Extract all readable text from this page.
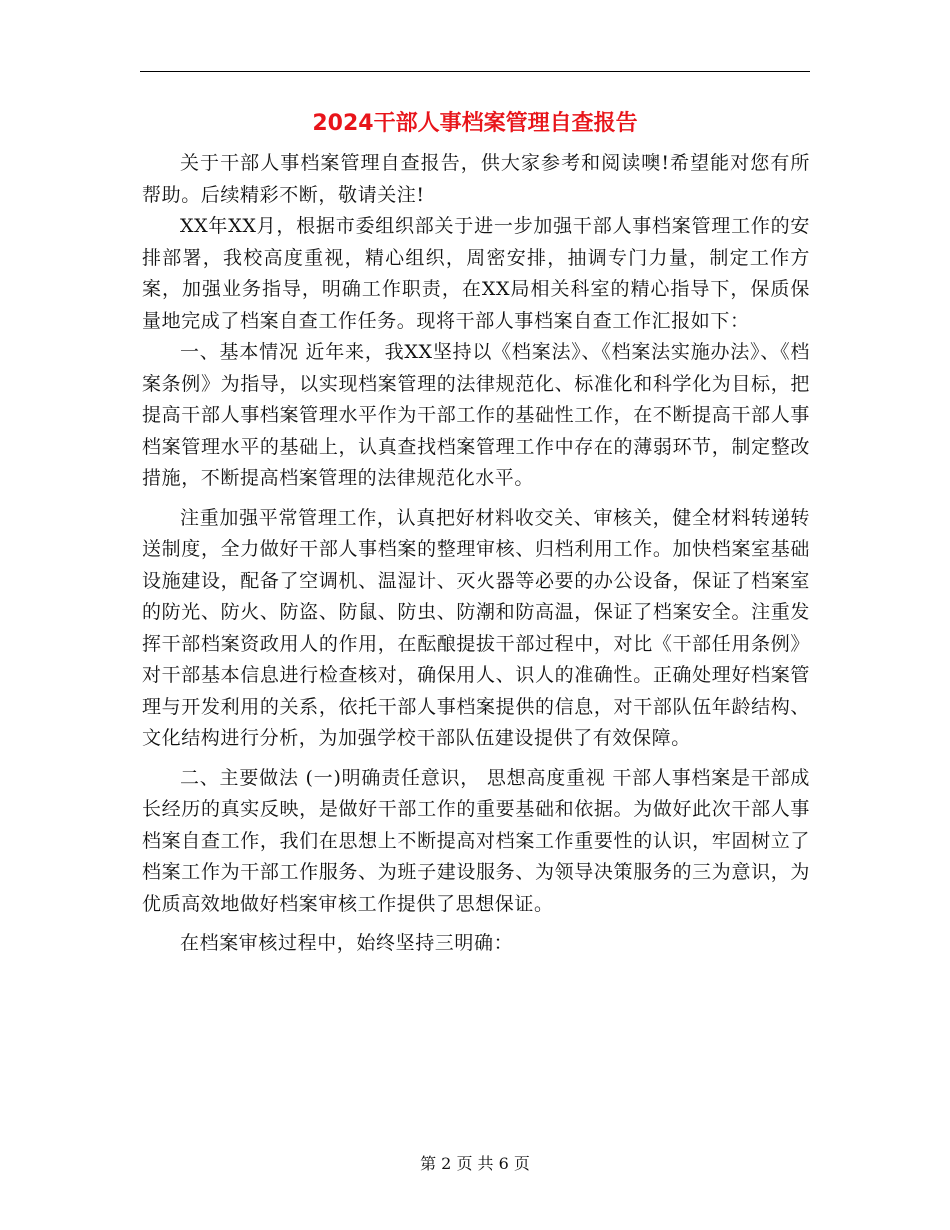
2024干部人事档案管理自查报告

关于干部人事档案管理自查报告，供大家参考和阅读噢!希望能对您有所帮助。后续精彩不断，敬请关注!

XX年XX月，根据市委组织部关于进一步加强干部人事档案管理工作的安排部署，我校高度重视，精心组织，周密安排，抽调专门力量，制定工作方案，加强业务指导，明确工作职责，在XX局相关科室的精心指导下，保质保量地完成了档案自查工作任务。现将干部人事档案自查工作汇报如下：

一、基本情况 近年来，我XX坚持以《档案法》、《档案法实施办法》、《档案条例》为指导，以实现档案管理的法律规范化、标准化和科学化为目标，把提高干部人事档案管理水平作为干部工作的基础性工作，在不断提高干部人事档案管理水平的基础上，认真查找档案管理工作中存在的薄弱环节，制定整改措施，不断提高档案管理的法律规范化水平。

注重加强平常管理工作，认真把好材料收交关、审核关，健全材料转递转送制度，全力做好干部人事档案的整理审核、归档利用工作。加快档案室基础设施建设，配备了空调机、温湿计、灭火器等必要的办公设备，保证了档案室的防光、防火、防盗、防鼠、防虫、防潮和防高温，保证了档案安全。注重发挥干部档案资政用人的作用，在酝酿提拔干部过程中，对比《干部任用条例》对干部基本信息进行检查核对，确保用人、识人的准确性。正确处理好档案管理与开发利用的关系，依托干部人事档案提供的信息，对干部队伍年龄结构、文化结构进行分析，为加强学校干部队伍建设提供了有效保障。

二、主要做法 (一)明确责任意识， 思想高度重视 干部人事档案是干部成长经历的真实反映，是做好干部工作的重要基础和依据。为做好此次干部人事档案自查工作，我们在思想上不断提高对档案工作重要性的认识，牢固树立了档案工作为干部工作服务、为班子建设服务、为领导决策服务的三为意识，为优质高效地做好档案审核工作提供了思想保证。

在档案审核过程中，始终坚持三明确：

第 2 页 共 6 页
